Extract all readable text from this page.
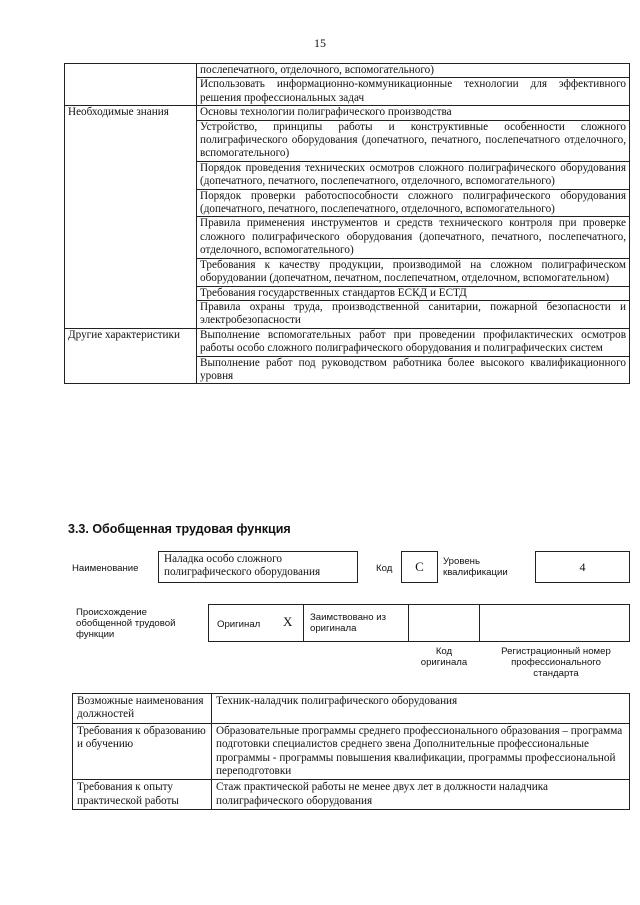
15
	послепечатного, отделочного, вспомогательного)
	Использовать информационно-коммуникационные технологии для эффективного решения профессиональных задач
Необходимые знания	Основы технологии полиграфического производства
	Устройство, принципы работы и конструктивные особенности сложного полиграфического оборудования (допечатного, печатного, послепечатного отделочного, вспомогательного)
	Порядок проведения технических осмотров сложного полиграфического оборудования (допечатного, печатного, послепечатного, отделочного, вспомогательного)
	Порядок проверки работоспособности сложного полиграфического оборудования (допечатного, печатного, послепечатного, отделочного, вспомогательного)
	Правила применения инструментов и средств технического контроля при проверке сложного полиграфического оборудования (допечатного, печатного, послепечатного, отделочного, вспомогательного)
	Требования к качеству продукции, производимой на сложном полиграфическом оборудовании (допечатном, печатном, послепечатном, отделочном, вспомогательном)
	Требования государственных стандартов ЕСКД и ЕСТД
	Правила охраны труда, производственной санитарии, пожарной безопасности и электробезопасности
Другие характеристики	Выполнение вспомогательных работ при проведении профилактических осмотров работы особо сложного полиграфического оборудования и полиграфических систем
	Выполнение работ под руководством работника более высокого квалификационного уровня
3.3. Обобщенная трудовая функция
Наименование
Наладка особо сложного полиграфического оборудования	Код	C	Уровень квалификации	4
Происхождение обобщенной трудовой функции
Оригинал X Заимствовано из оригинала
Код оригинала
Регистрационный номер профессионального стандарта
Возможные наименования должностей	Техник-наладчик полиграфического оборудования
Требования к образованию и обучению	Образовательные программы среднего профессионального образования – программа подготовки специалистов среднего звена Дополнительные профессиональные программы - программы повышения квалификации, программы профессиональной переподготовки
Требования к опыту практической работы	Стаж практической работы не менее двух лет в должности наладчика полиграфического оборудования
